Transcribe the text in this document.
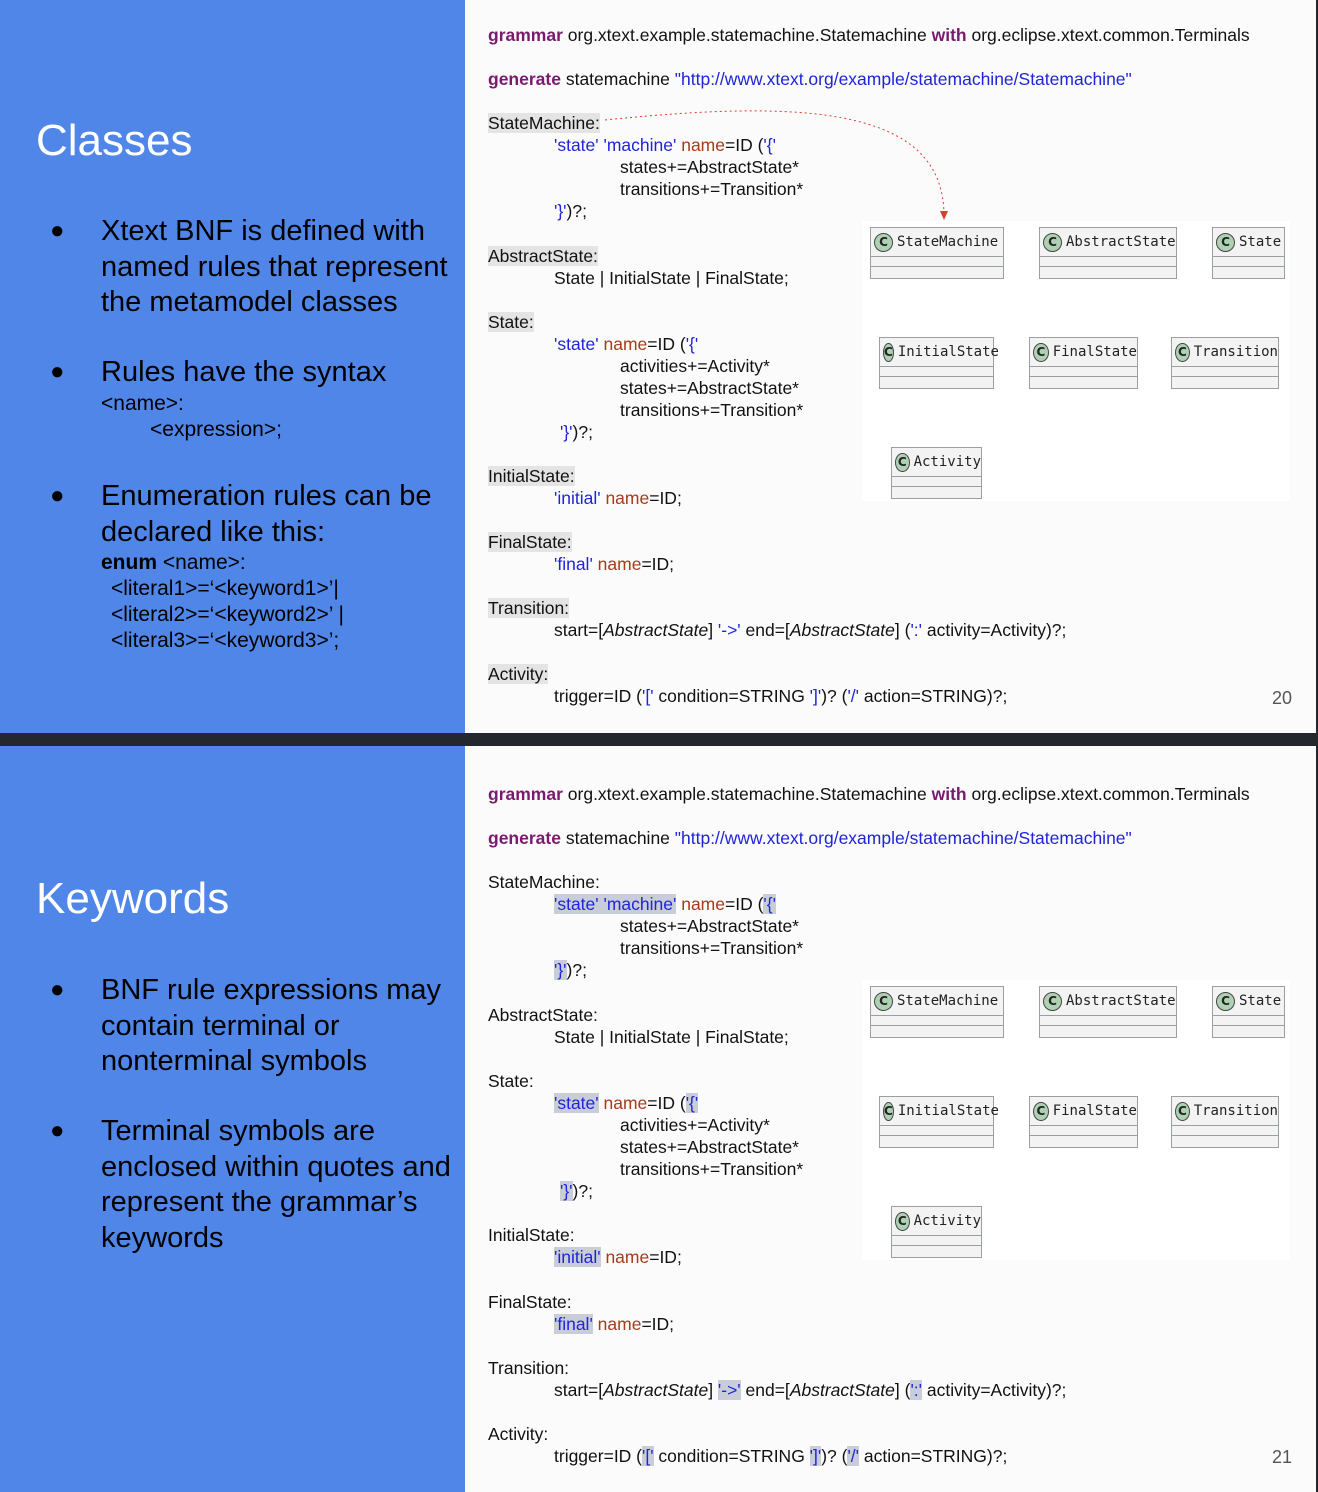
Classes
● Xtext BNF is defined with named rules that represent the metamodel classes
● Rules have the syntax
<name>:
<expression>;
● Enumeration rules can be declared like this:
enum <name>:
<literal1>=‘<keyword1>’|
<literal2>=‘<keyword2>’ |
<literal3>=‘<keyword3>’;

grammar org.xtext.example.statemachine.Statemachine with org.eclipse.xtext.common.Terminals

generate statemachine "http://www.xtext.org/example/statemachine/Statemachine"

StateMachine:

'state' 'machine' name=ID ('{'

states+=AbstractState*

transitions+=Transition*

'}')?;

AbstractState:

State | InitialState | FinalState;

State:

'state' name=ID ('{'

activities+=Activity*

states+=AbstractState*

transitions+=Transition*

'}')?;

InitialState:

'initial' name=ID;

FinalState:

'final' name=ID;

Transition:

start=[AbstractState] '->' end=[AbstractState] (':' activity=Activity)?;

Activity:

trigger=ID ('[' condition=STRING ']')? ('/' action=STRING)?;

C StateMachine	C AbstractState	C State
C InitialState	C FinalState	C Transition
C Activity
20
Keywords
● BNF rule expressions may contain terminal or nonterminal symbols
● Terminal symbols are enclosed within quotes and represent the grammar’s keywords

grammar org.xtext.example.statemachine.Statemachine with org.eclipse.xtext.common.Terminals

generate statemachine "http://www.xtext.org/example/statemachine/Statemachine"

StateMachine:

'state' 'machine' name=ID ('{'

states+=AbstractState*

transitions+=Transition*

'}')?;

AbstractState:

State | InitialState | FinalState;

State:

'state' name=ID ('{'

activities+=Activity*

states+=AbstractState*

transitions+=Transition*

'}')?;

InitialState:

'initial' name=ID;

FinalState:

'final' name=ID;

Transition:

start=[AbstractState] '->' end=[AbstractState] (':' activity=Activity)?;

Activity:

trigger=ID ('[' condition=STRING ']')? ('/' action=STRING)?;

C StateMachine	C AbstractState	C State
C InitialState	C FinalState	C Transition
C Activity
21
